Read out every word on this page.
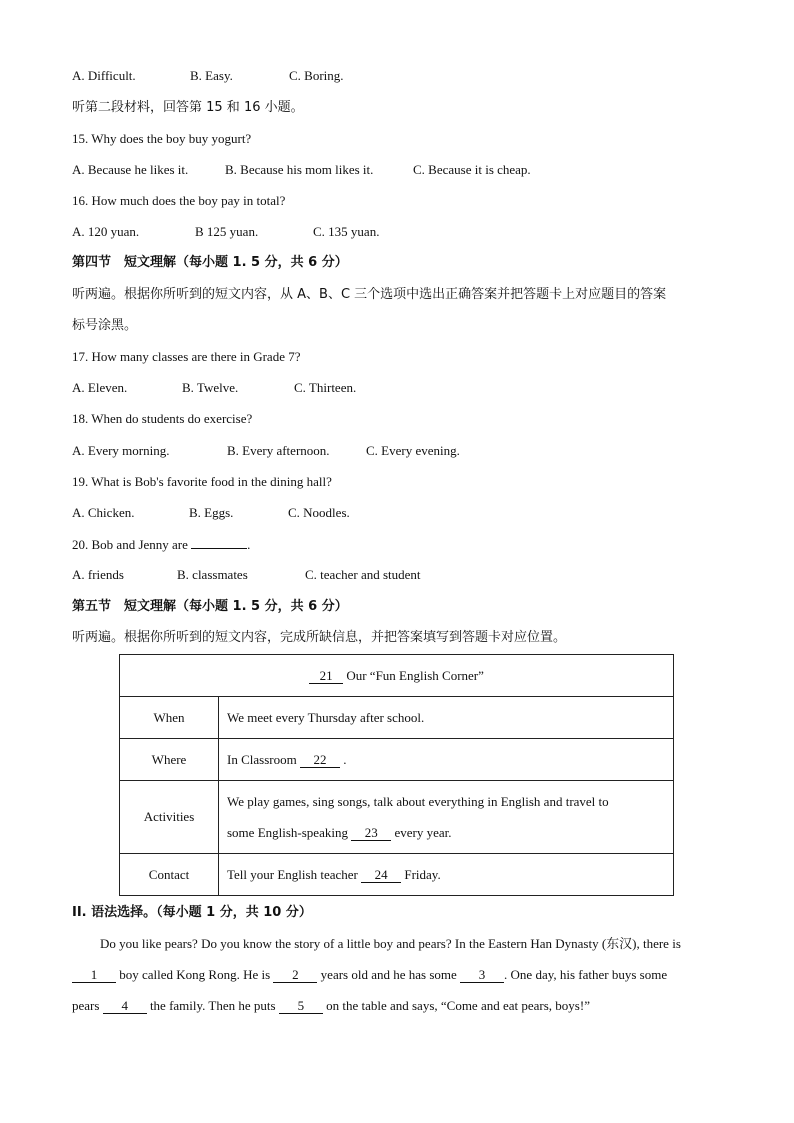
A. Difficult.	B. Easy.	C. Boring.
听第二段材料，回答第 15 和 16 小题。
15. Why does the boy buy yogurt?
A. Because he likes it.	B. Because his mom likes it.	C. Because it is cheap.
16. How much does the boy pay in total?
A. 120 yuan.	B 125 yuan.	C. 135 yuan.
第四节　短文理解（每小题 1. 5 分，共 6 分）
听两遍。根据你所听到的短文内容，从 A、B、C 三个选项中选出正确答案并把答题卡上对应题目的答案
标号涂黑。
17. How many classes are there in Grade 7?
A. Eleven.	B. Twelve.	C. Thirteen.
18. When do students do exercise?
A. Every morning.	B. Every afternoon.	C. Every evening.
19. What is Bob's favorite food in the dining hall?
A. Chicken.	B. Eggs.	C. Noodles.
20. Bob and Jenny are	.
A. friends	B. classmates	C. teacher and student
第五节　短文理解（每小题 1. 5 分，共 6 分）
听两遍。根据你所听到的短文内容，完成所缺信息，并把答案填写到答题卡对应位置。
21 Our “Fun English Corner”	
When	We meet every Thursday after school.
Where	In Classroom 22 .
Activities	We play games, sing songs, talk about everything in English and travel to
some English-speaking 23 every year.

Contact	Tell your English teacher 24 Friday.
II. 语法选择。（每小题 1 分，共 10 分）
Do you like pears? Do you know the story of a little boy and pears? In the Eastern Han Dynasty (东汉), there is
1 boy called Kong Rong. He is 2 years old and he has some 3 . One day, his father buys some
pears 4 the family. Then he puts 5 on the table and says, “Come and eat pears, boys!”
